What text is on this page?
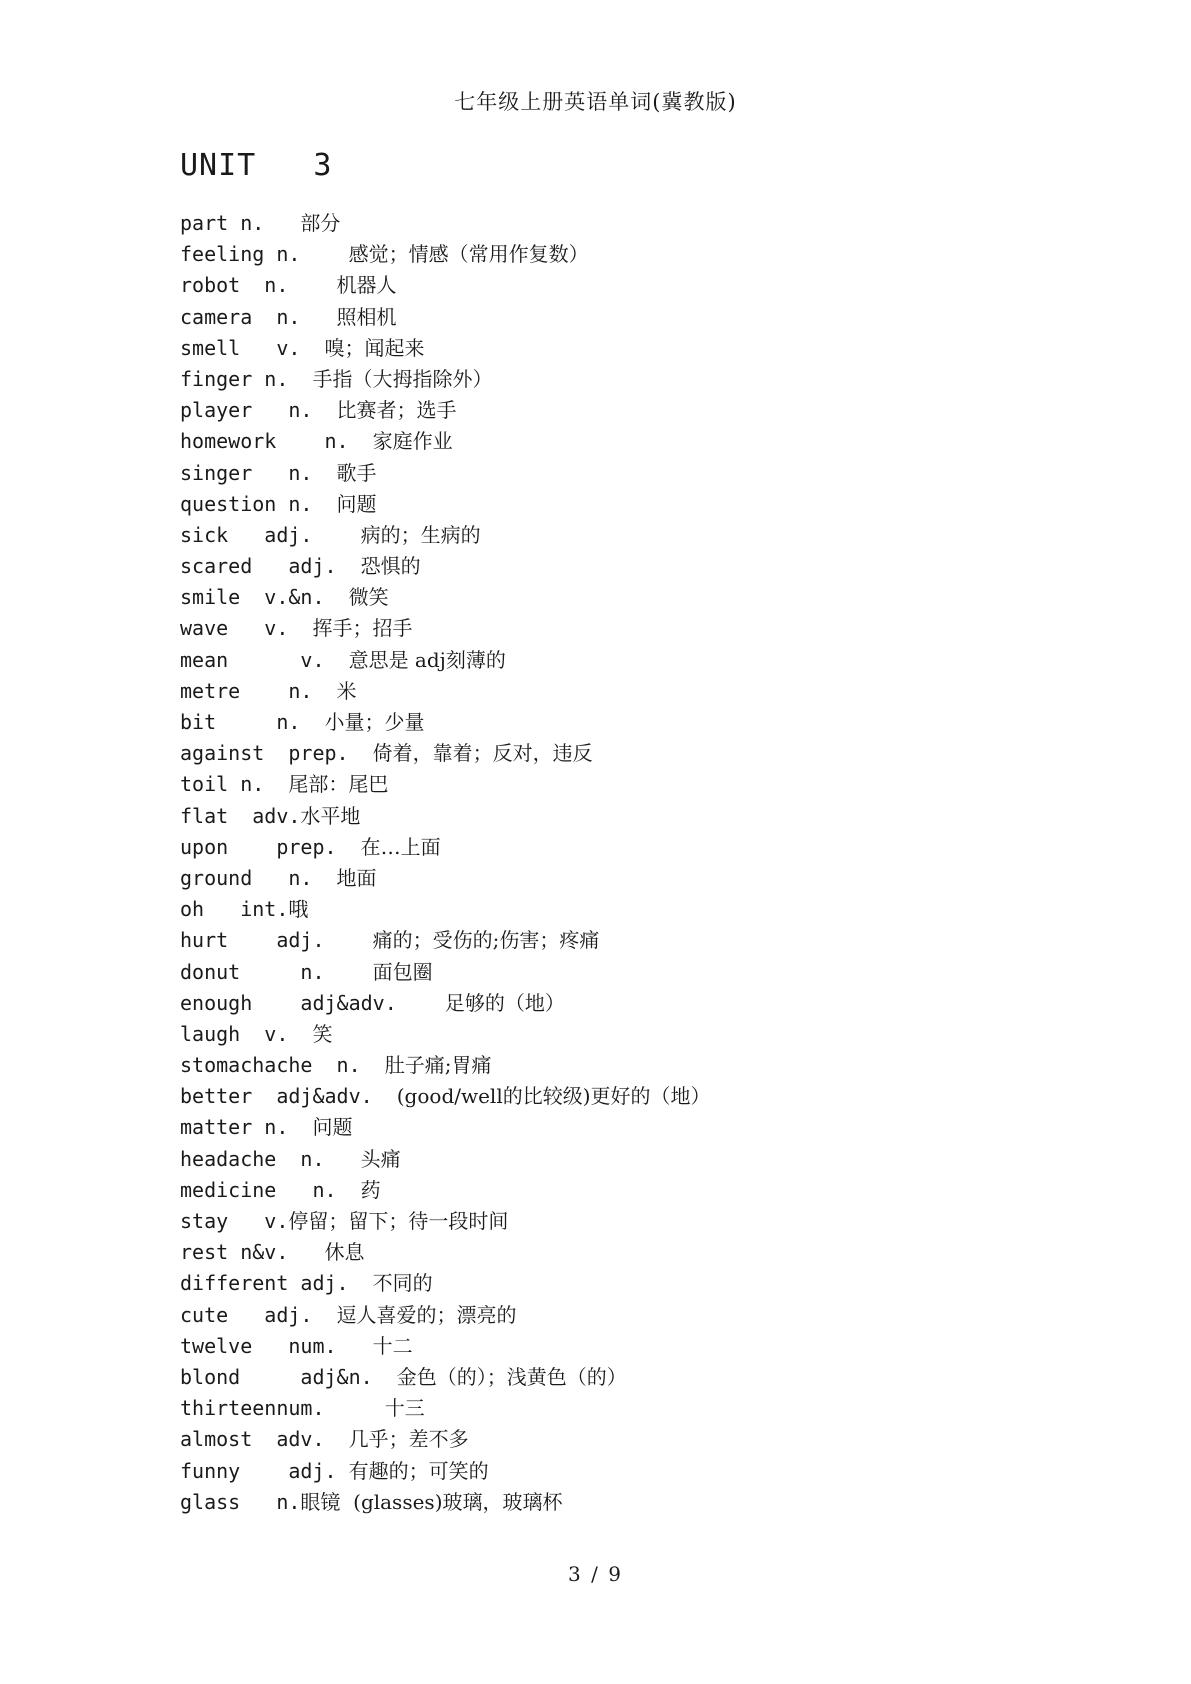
七年级上册英语单词(冀教版)
UNIT   3
part n.   部分
feeling n.    感觉；情感（常用作复数）
robot  n.    机器人
camera  n.   照相机
smell   v.  嗅；闻起来
finger n.  手指（大拇指除外）
player   n.  比赛者；选手
homework    n.  家庭作业
singer   n.  歌手
question n.  问题
sick   adj.    病的；生病的
scared   adj.  恐惧的
smile  v.&n.  微笑
wave   v.  挥手；招手
mean      v.  意思是 adj刻薄的
metre    n.  米
bit     n.  小量；少量
against  prep.  倚着，靠着；反对，违反
toil n.  尾部：尾巴
flat  adv.水平地
upon    prep.  在…上面
ground   n.  地面
oh   int.哦
hurt    adj.    痛的；受伤的;伤害；疼痛
donut     n.    面包圈
enough    adj&adv.    足够的（地）
laugh  v.  笑
stomachache  n.  肚子痛;胃痛
better  adj&adv.  (good/well的比较级)更好的（地）
matter n.  问题
headache  n.   头痛
medicine   n.  药
stay   v.停留；留下；待一段时间
rest n&v.   休息
different adj.  不同的
cute   adj.  逗人喜爱的；漂亮的
twelve   num.   十二
blond     adj&n.  金色（的）；浅黄色（的）
thirteennum.     十三
almost  adv.  几乎；差不多
funny    adj. 有趣的；可笑的
glass   n.眼镜  (glasses)玻璃，玻璃杯
3 / 9
